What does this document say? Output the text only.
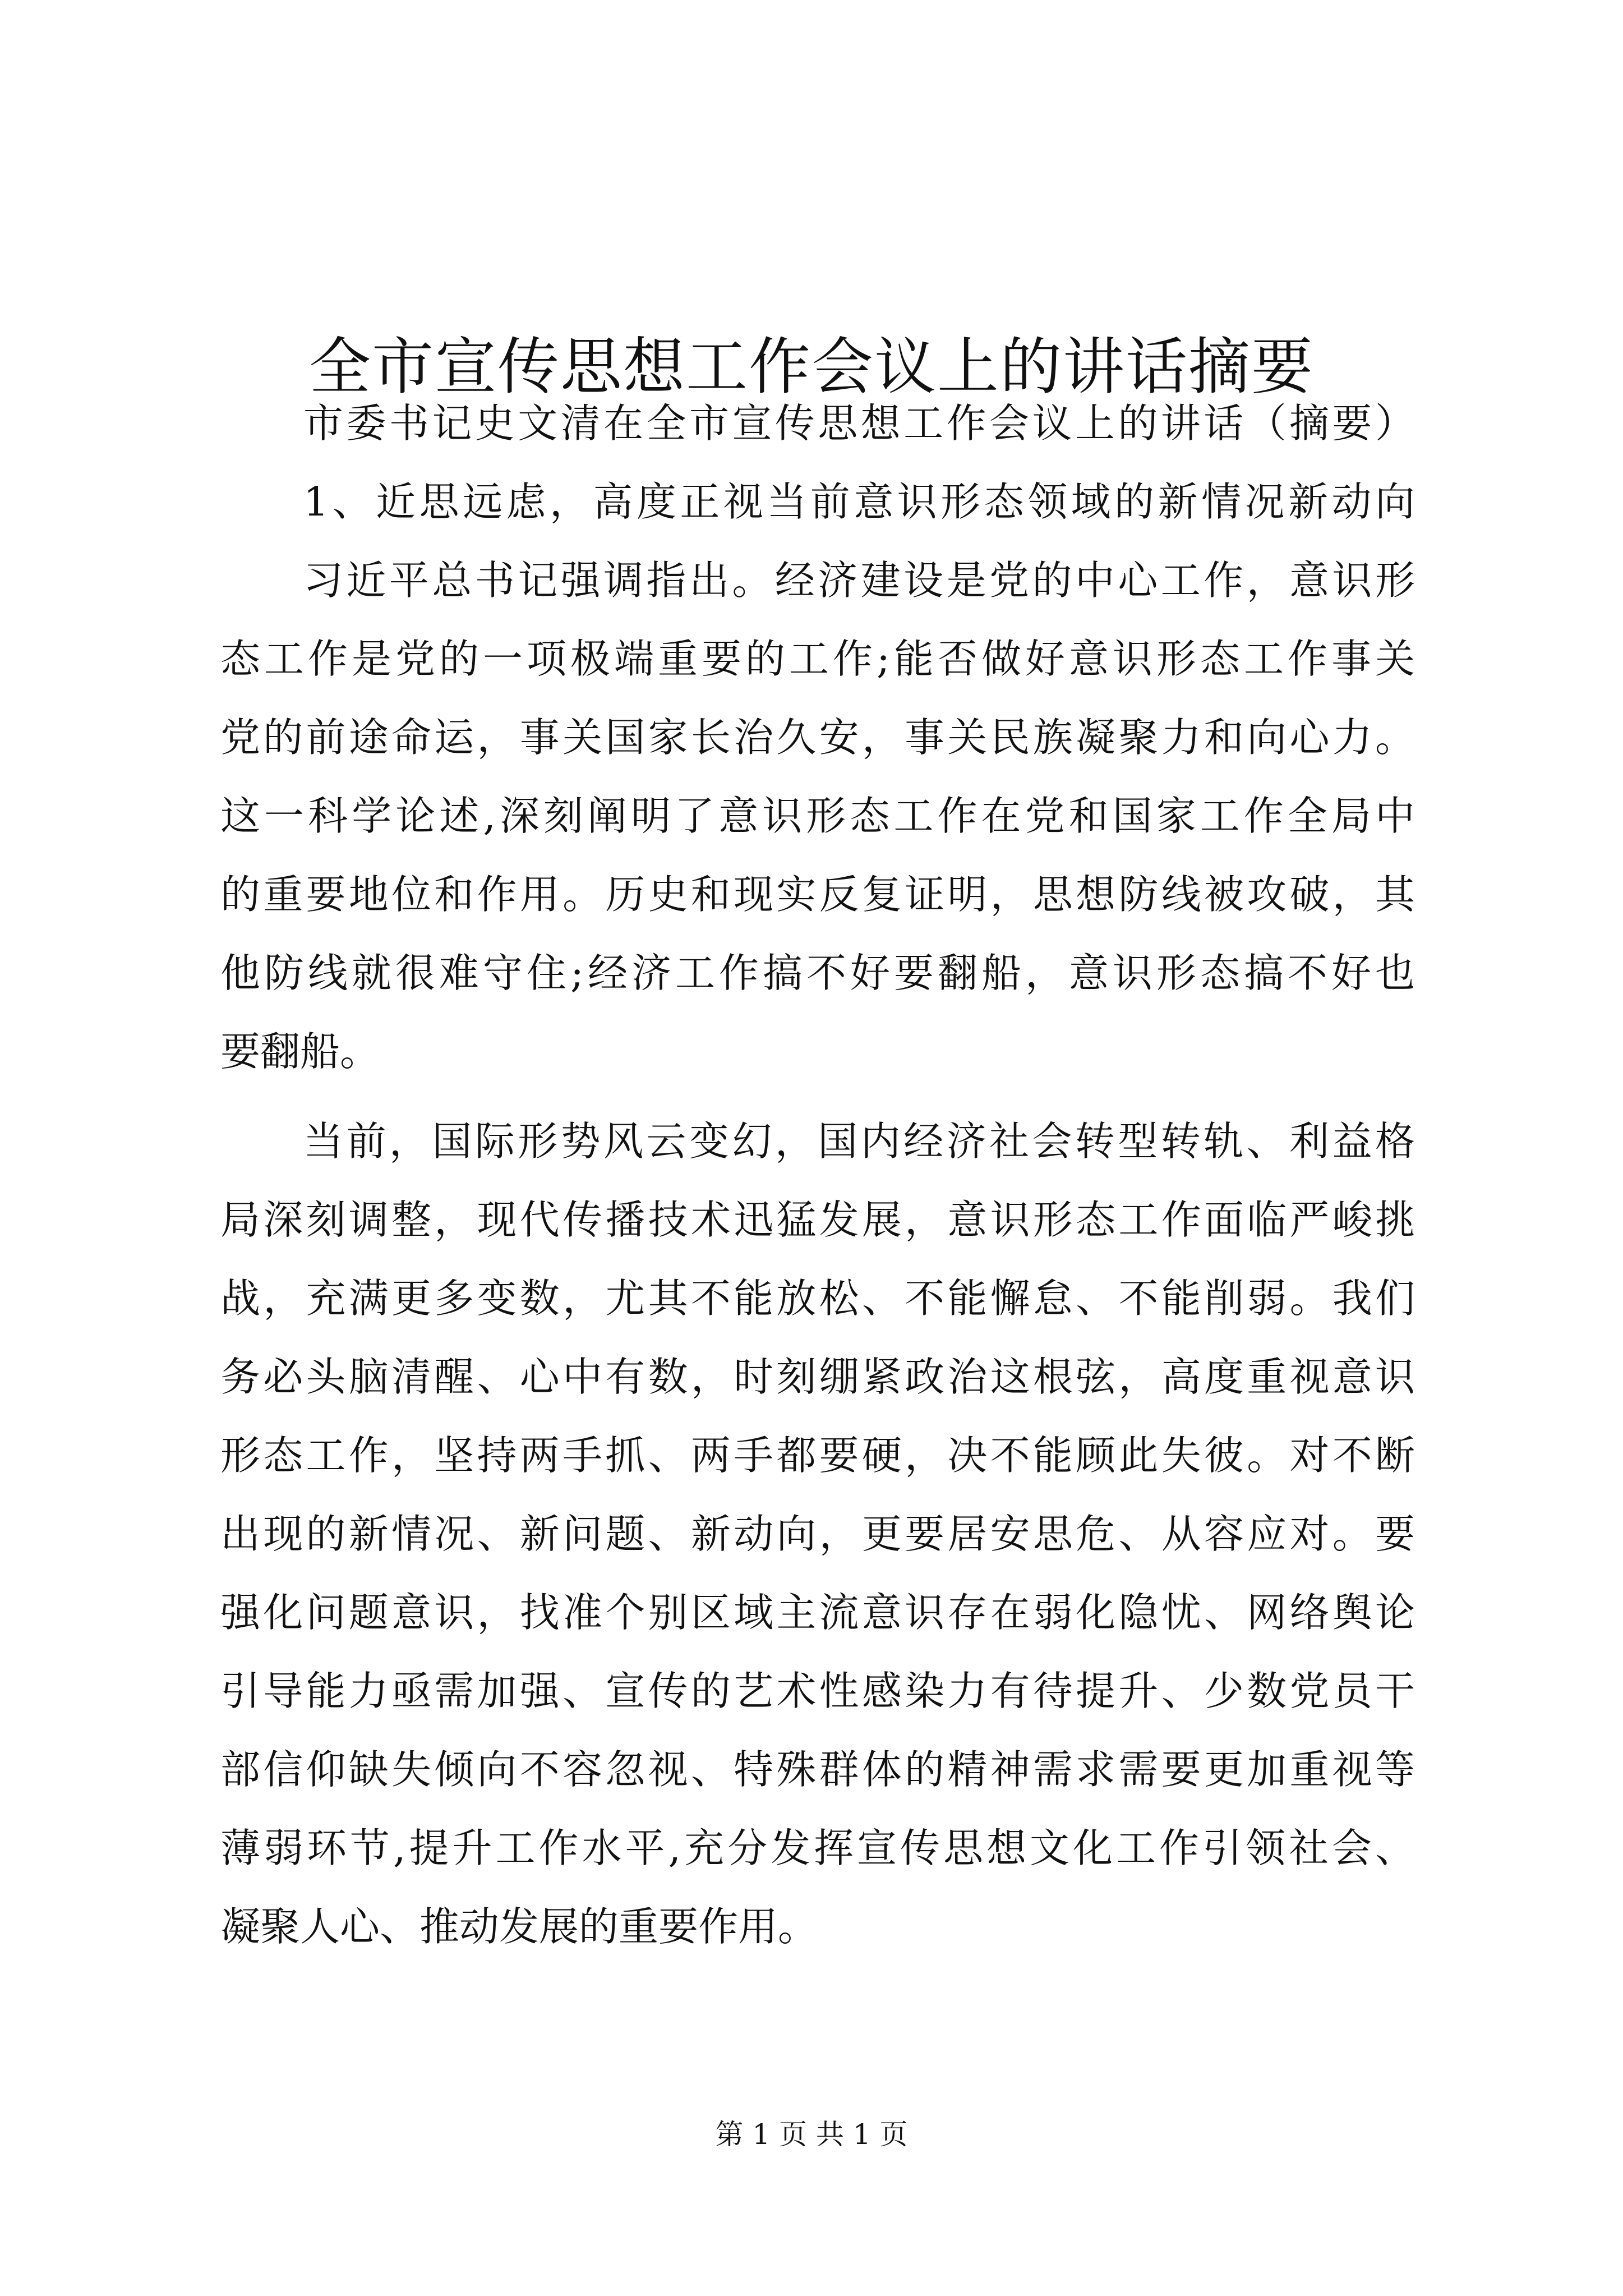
全市宣传思想工作会议上的讲话摘要
市委书记史文清在全市宣传思想工作会议上的讲话（摘要）
1、近思远虑，高度正视当前意识形态领域的新情况新动向
习近平总书记强调指出。经济建设是党的中心工作，意识形
态工作是党的一项极端重要的工作;能否做好意识形态工作事关
党的前途命运，事关国家长治久安，事关民族凝聚力和向心力。
这一科学论述,深刻阐明了意识形态工作在党和国家工作全局中
的重要地位和作用。历史和现实反复证明，思想防线被攻破，其
他防线就很难守住;经济工作搞不好要翻船，意识形态搞不好也
要翻船。
当前，国际形势风云变幻，国内经济社会转型转轨、利益格
局深刻调整，现代传播技术迅猛发展，意识形态工作面临严峻挑
战，充满更多变数，尤其不能放松、不能懈怠、不能削弱。我们
务必头脑清醒、心中有数，时刻绷紧政治这根弦，高度重视意识
形态工作，坚持两手抓、两手都要硬，决不能顾此失彼。对不断
出现的新情况、新问题、新动向，更要居安思危、从容应对。要
强化问题意识，找准个别区域主流意识存在弱化隐忧、网络舆论
引导能力亟需加强、宣传的艺术性感染力有待提升、少数党员干
部信仰缺失倾向不容忽视、特殊群体的精神需求需要更加重视等
薄弱环节,提升工作水平,充分发挥宣传思想文化工作引领社会、
凝聚人心、推动发展的重要作用。
第 1 页 共 1 页
